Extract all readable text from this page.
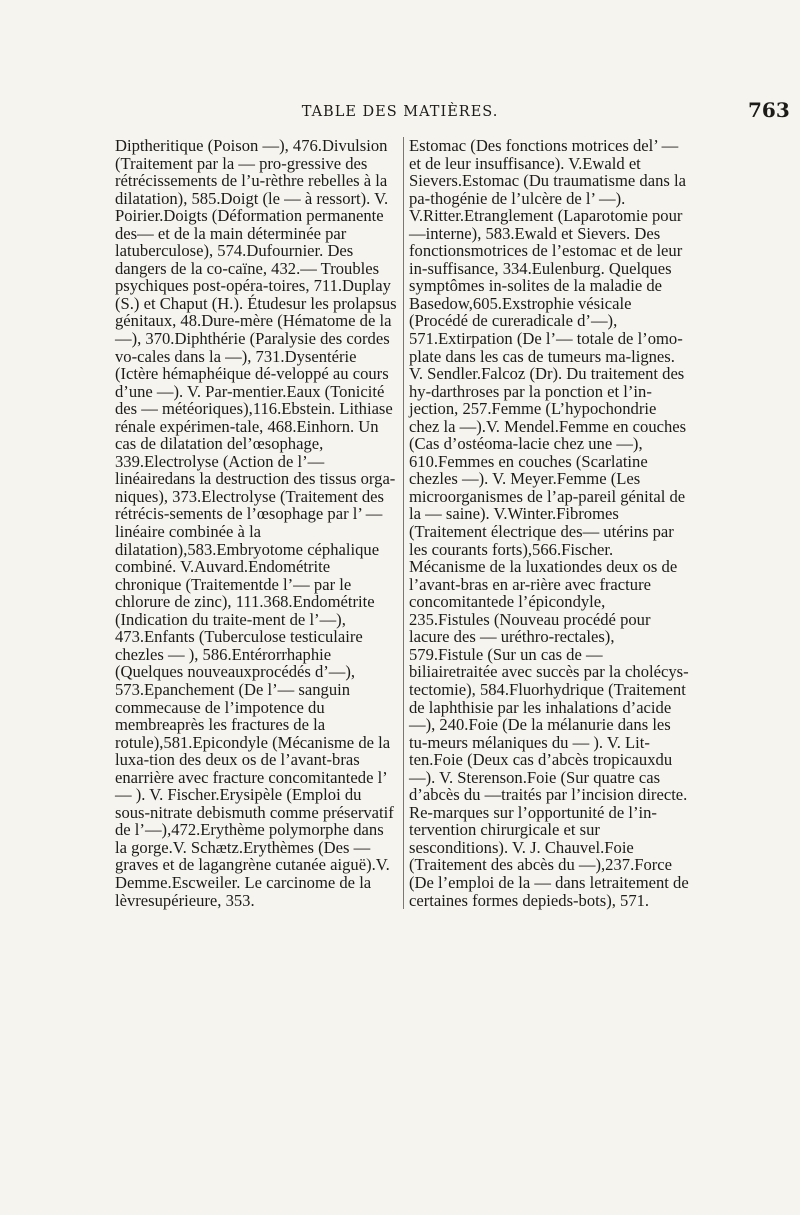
TABLE DES MATIÈRES.	763
Diptheritique (Poison —), 476.Divulsion (Traitement par la — pro-gressive des rétrécissements de l’u-rèthre rebelles à la dilatation), 585.Doigt (le — à ressort). V. Poirier.Doigts (Déformation permanente des— et de la main déterminée par latuberculose), 574.Dufournier. Des dangers de la co-caïne, 432.— Troubles psychiques post-opéra-toires, 711.Duplay (S.) et Chaput (H.). Étudesur les prolapsus génitaux, 48.Dure-mère (Hématome de la —), 370.Diphthérie (Paralysie des cordes vo-cales dans la —), 731.Dysentérie (Ictère hémaphéique dé-veloppé au cours d’une —). V. Par-mentier.Eaux (Tonicité des — météoriques),116.Ebstein. Lithiase rénale expérimen-tale, 468.Einhorn. Un cas de dilatation del’œsophage, 339.Electrolyse (Action de l’— linéairedans la destruction des tissus orga-niques), 373.Electrolyse (Traitement des rétrécis-sements de l’œsophage par l’ —linéaire combinée à la dilatation),583.Embryotome céphalique combiné. V.Auvard.Endométrite chronique (Traitementde l’— par le chlorure de zinc), 111.368.Endométrite (Indication du traite-ment de l’—), 473.Enfants (Tuberculose testiculaire chezles — ), 586.Entérorrhaphie (Quelques nouveauxprocédés d’—), 573.Epanchement (De l’— sanguin commecause de l’impotence du membreaprès les fractures de la rotule),581.Epicondyle (Mécanisme de la luxa-tion des deux os de l’avant-bras enarrière avec fracture concomitantede l’ — ). V. Fischer.Erysipèle (Emploi du sous-nitrate debismuth comme préservatif de l’—),472.Erythème polymorphe dans la gorge.V. Schætz.Erythèmes (Des — graves et de lagangrène cutanée aiguë).V. Demme.Escweiler. Le carcinome de la lèvresupérieure, 353.
Estomac (Des fonctions motrices del’ — et de leur insuffisance). V.Ewald et Sievers.Estomac (Du traumatisme dans la pa-thogénie de l’ulcère de l’ —). V.Ritter.Etranglement (Laparotomie pour —interne), 583.Ewald et Sievers. Des fonctionsmotrices de l’estomac et de leur in-suffisance, 334.Eulenburg. Quelques symptômes in-solites de la maladie de Basedow,605.Exstrophie vésicale (Procédé de cureradicale d’—), 571.Extirpation (De l’— totale de l’omo-plate dans les cas de tumeurs ma-lignes. V. Sendler.Falcoz (Dr). Du traitement des hy-darthroses par la ponction et l’in-jection, 257.Femme (L’hypochondrie chez la —).V. Mendel.Femme en couches (Cas d’ostéoma-lacie chez une —), 610.Femmes en couches (Scarlatine chezles —). V. Meyer.Femme (Les microorganismes de l’ap-pareil génital de la — saine). V.Winter.Fibromes (Traitement électrique des— utérins par les courants forts),566.Fischer. Mécanisme de la luxationdes deux os de l’avant-bras en ar-rière avec fracture concomitantede l’épicondyle, 235.Fistules (Nouveau procédé pour lacure des — uréthro-rectales), 579.Fistule (Sur un cas de — biliairetraitée avec succès par la cholécys-tectomie), 584.Fluorhydrique (Traitement de laphthisie par les inhalations d’acide—), 240.Foie (De la mélanurie dans les tu-meurs mélaniques du — ). V. Lit-ten.Foie (Deux cas d’abcès tropicauxdu —). V. Sterenson.Foie (Sur quatre cas d’abcès du —traités par l’incision directe. Re-marques sur l’opportunité de l’in-tervention chirurgicale et sur sesconditions). V. J. Chauvel.Foie (Traitement des abcès du —),237.Force (De l’emploi de la — dans letraitement de certaines formes depieds-bots), 571.
